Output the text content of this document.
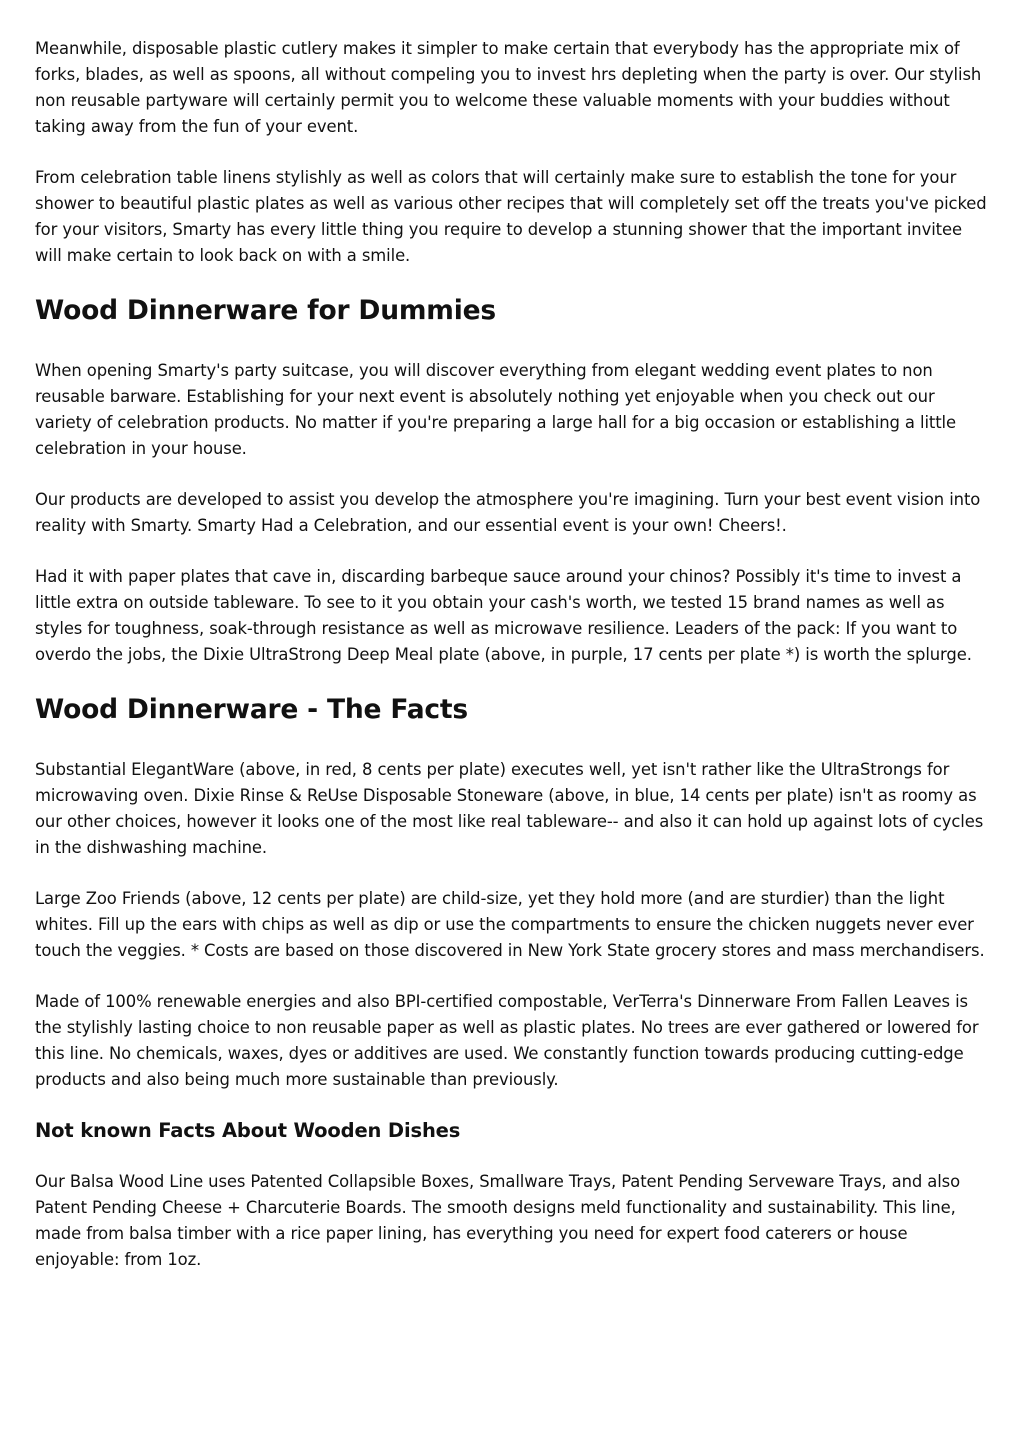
Meanwhile, disposable plastic cutlery makes it simpler to make certain that everybody has the appropriate mix of forks, blades, as well as spoons, all without compeling you to invest hrs depleting when the party is over. Our stylish non reusable partyware will certainly permit you to welcome these valuable moments with your buddies without taking away from the fun of your event.

From celebration table linens stylishly as well as colors that will certainly make sure to establish the tone for your shower to beautiful plastic plates as well as various other recipes that will completely set off the treats you've picked for your visitors, Smarty has every little thing you require to develop a stunning shower that the important invitee will make certain to look back on with a smile.

Wood Dinnerware for Dummies

When opening Smarty's party suitcase, you will discover everything from elegant wedding event plates to non reusable barware. Establishing for your next event is absolutely nothing yet enjoyable when you check out our variety of celebration products. No matter if you're preparing a large hall for a big occasion or establishing a little celebration in your house.

Our products are developed to assist you develop the atmosphere you're imagining. Turn your best event vision into reality with Smarty. Smarty Had a Celebration, and our essential event is your own! Cheers!.

Had it with paper plates that cave in, discarding barbeque sauce around your chinos? Possibly it's time to invest a little extra on outside tableware. To see to it you obtain your cash's worth, we tested 15 brand names as well as styles for toughness, soak-through resistance as well as microwave resilience. Leaders of the pack: If you want to overdo the jobs, the Dixie UltraStrong Deep Meal plate (above, in purple, 17 cents per plate *) is worth the splurge.

Wood Dinnerware - The Facts

Substantial ElegantWare (above, in red, 8 cents per plate) executes well, yet isn't rather like the UltraStrongs for microwaving oven. Dixie Rinse & ReUse Disposable Stoneware (above, in blue, 14 cents per plate) isn't as roomy as our other choices, however it looks one of the most like real tableware-- and also it can hold up against lots of cycles in the dishwashing machine.

Large Zoo Friends (above, 12 cents per plate) are child-size, yet they hold more (and are sturdier) than the light whites. Fill up the ears with chips as well as dip or use the compartments to ensure the chicken nuggets never ever touch the veggies. * Costs are based on those discovered in New York State grocery stores and mass merchandisers.

Made of 100% renewable energies and also BPI-certified compostable, VerTerra's Dinnerware From Fallen Leaves is the stylishly lasting choice to non reusable paper as well as plastic plates. No trees are ever gathered or lowered for this line. No chemicals, waxes, dyes or additives are used. We constantly function towards producing cutting-edge products and also being much more sustainable than previously.

Not known Facts About Wooden Dishes

Our Balsa Wood Line uses Patented Collapsible Boxes, Smallware Trays, Patent Pending Serveware Trays, and also Patent Pending Cheese + Charcuterie Boards. The smooth designs meld functionality and sustainability. This line, made from balsa timber with a rice paper lining, has everything you need for expert food caterers or house enjoyable: from 1oz.
